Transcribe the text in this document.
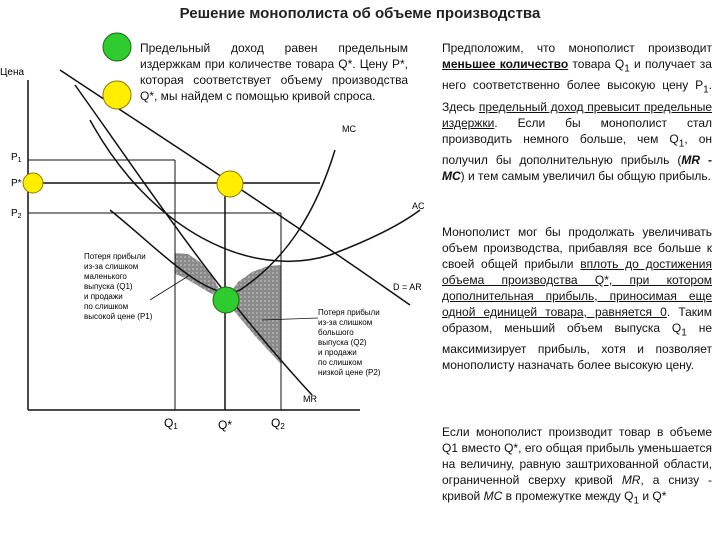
Решение монополиста об объеме производства
Цена
$P_1$
P*
$P_2$
MC
AC
D = AR
MR
Q1	Q*	Q2
Потеря прибыли
из-за слишком
маленького
выпуска (Q1)
и продажи
по слишком
высокой цене (P1)	Потеря прибыли
из-за слишком
большого
выпуска (Q2)
и продажи
по слишком
низкой цене (P2)
Предельный доход равен предельным издержкам при количестве товара Q*. Цену P*, которая соответствует объему производства Q*, мы найдем с помощью кривой спроса.
Предположим, что монополист производит меньшее количество товара $Q_1$ и получает за него соответственно более высокую цену $P_1$. Здесь предельный доход превысит предельные издержки. Если бы монополист стал производить немного больше, чем $Q_1$, он получил бы дополнительную прибыль (MR - MC) и тем самым увеличил бы общую прибыль.
Монополист мог бы продолжать увеличивать объем производства, прибавляя все больше к своей общей прибыли вплоть до достижения объема производства Q*, при котором дополнительная прибыль, приносимая еще одной единицей товара, равняется 0. Таким образом, меньший объем выпуска $Q_1$ не максимизирует прибыль, хотя и позволяет монополисту назначать более высокую цену.
Если монополист производит товар в объеме Q1 вместо Q*, его общая прибыль уменьшается на величину, равную заштрихованной области, ограниченной сверху кривой MR, а снизу - кривой MC в промежутке между $Q_1$ и Q*
